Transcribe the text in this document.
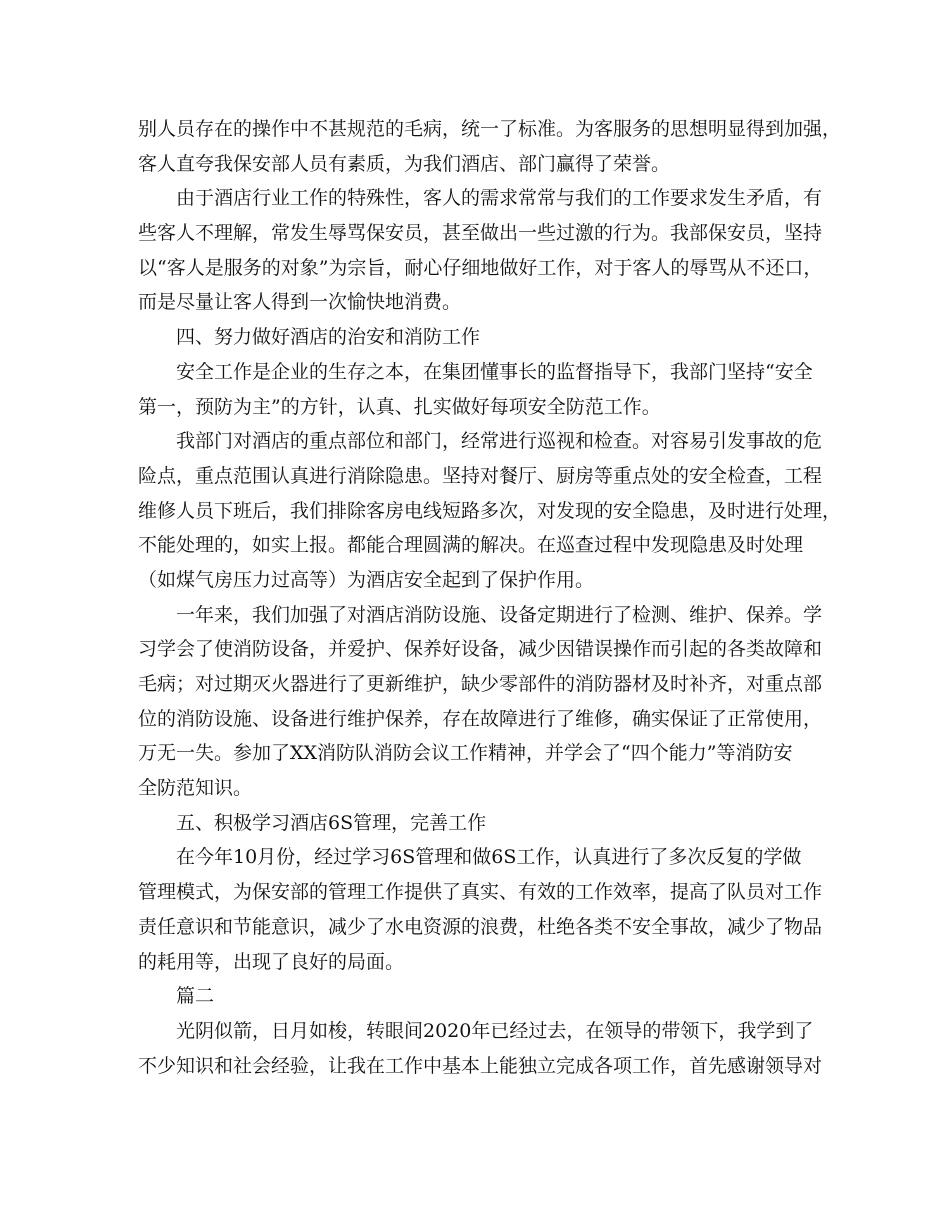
别人员存在的操作中不甚规范的毛病，统一了标准。为客服务的思想明显得到加强，
客人直夸我保安部人员有素质，为我们酒店、部门赢得了荣誉。
由于酒店行业工作的特殊性，客人的需求常常与我们的工作要求发生矛盾，有
些客人不理解，常发生辱骂保安员，甚至做出一些过激的行为。我部保安员，坚持
以“客人是服务的对象”为宗旨，耐心仔细地做好工作，对于客人的辱骂从不还口，
而是尽量让客人得到一次愉快地消费。
四、努力做好酒店的治安和消防工作
安全工作是企业的生存之本，在集团懂事长的监督指导下，我部门坚持“安全
第一，预防为主”的方针，认真、扎实做好每项安全防范工作。
我部门对酒店的重点部位和部门，经常进行巡视和检查。对容易引发事故的危
险点，重点范围认真进行消除隐患。坚持对餐厅、厨房等重点处的安全检查，工程
维修人员下班后，我们排除客房电线短路多次，对发现的安全隐患，及时进行处理，
不能处理的，如实上报。都能合理圆满的解决。在巡查过程中发现隐患及时处理
（如煤气房压力过高等）为酒店安全起到了保护作用。
一年来，我们加强了对酒店消防设施、设备定期进行了检测、维护、保养。学
习学会了使消防设备，并爱护、保养好设备，减少因错误操作而引起的各类故障和
毛病；对过期灭火器进行了更新维护，缺少零部件的消防器材及时补齐，对重点部
位的消防设施、设备进行维护保养，存在故障进行了维修，确实保证了正常使用，
万无一失。参加了XX消防队消防会议工作精神，并学会了“四个能力”等消防安
全防范知识。
五、积极学习酒店6S管理，完善工作
在今年10月份，经过学习6S管理和做6S工作，认真进行了多次反复的学做
管理模式，为保安部的管理工作提供了真实、有效的工作效率，提高了队员对工作
责任意识和节能意识，减少了水电资源的浪费，杜绝各类不安全事故，减少了物品
的耗用等，出现了良好的局面。
篇二
光阴似箭，日月如梭，转眼间2020年已经过去，在领导的带领下，我学到了
不少知识和社会经验，让我在工作中基本上能独立完成各项工作，首先感谢领导对
